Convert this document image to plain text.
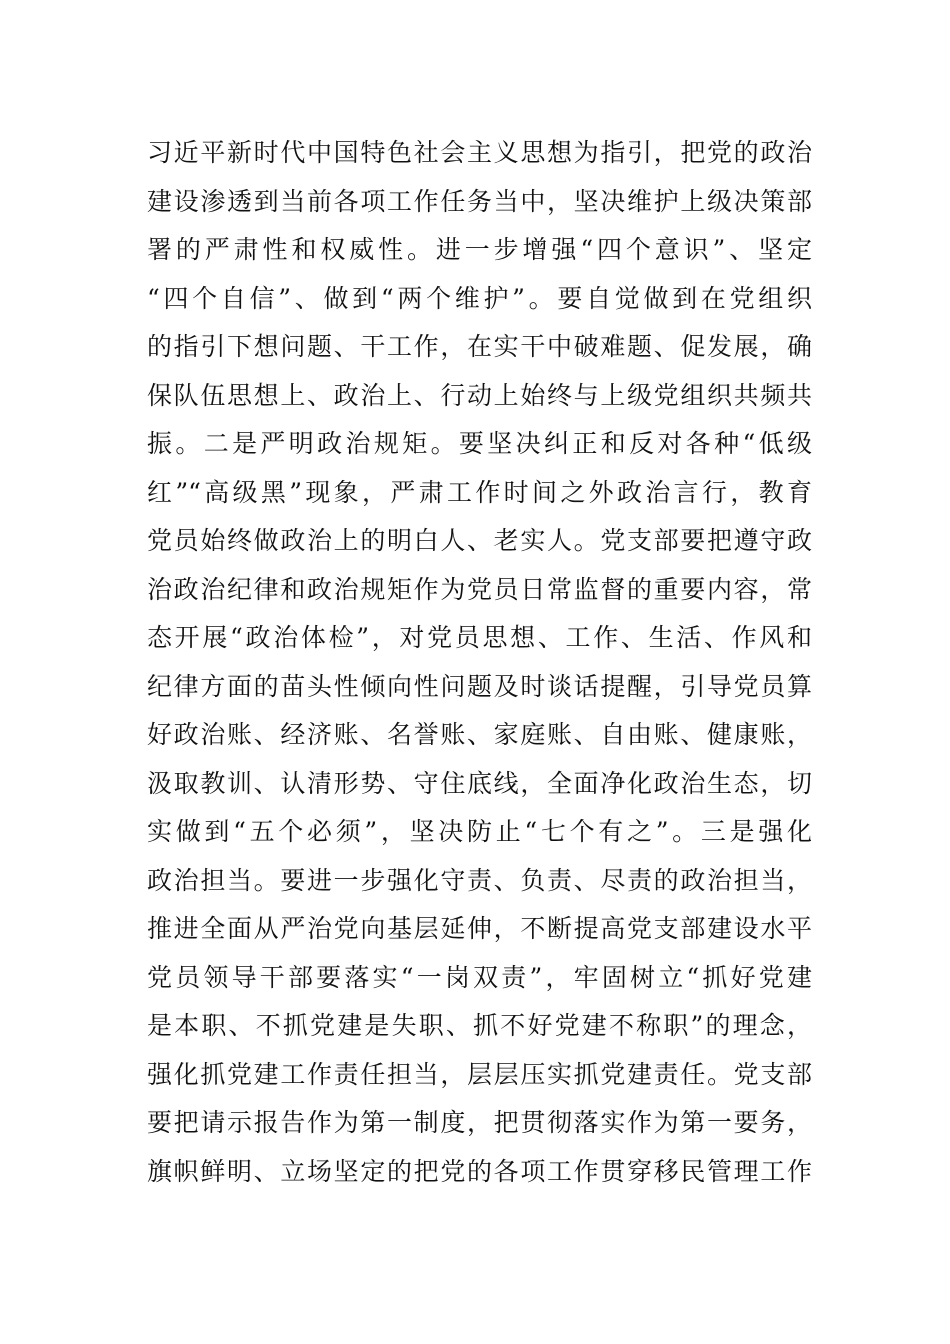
习近平新时代中国特色社会主义思想为指引，把党的政治
建设渗透到当前各项工作任务当中，坚决维护上级决策部
署的严肃性和权威性。进一步增强“四个意识”、坚定
“四个自信”、做到“两个维护”。要自觉做到在党组织
的指引下想问题、干工作，在实干中破难题、促发展，确
保队伍思想上、政治上、行动上始终与上级党组织共频共
振。二是严明政治规矩。要坚决纠正和反对各种“低级
红”“高级黑”现象，严肃工作时间之外政治言行，教育
党员始终做政治上的明白人、老实人。党支部要把遵守政
治政治纪律和政治规矩作为党员日常监督的重要内容，常
态开展“政治体检”，对党员思想、工作、生活、作风和
纪律方面的苗头性倾向性问题及时谈话提醒，引导党员算
好政治账、经济账、名誉账、家庭账、自由账、健康账，
汲取教训、认清形势、守住底线，全面净化政治生态，切
实做到“五个必须”，坚决防止“七个有之”。三是强化
政治担当。要进一步强化守责、负责、尽责的政治担当，
推进全面从严治党向基层延伸，不断提高党支部建设水平
党员领导干部要落实“一岗双责”，牢固树立“抓好党建
是本职、不抓党建是失职、抓不好党建不称职”的理念，
强化抓党建工作责任担当，层层压实抓党建责任。党支部
要把请示报告作为第一制度，把贯彻落实作为第一要务，
旗帜鲜明、立场坚定的把党的各项工作贯穿移民管理工作
